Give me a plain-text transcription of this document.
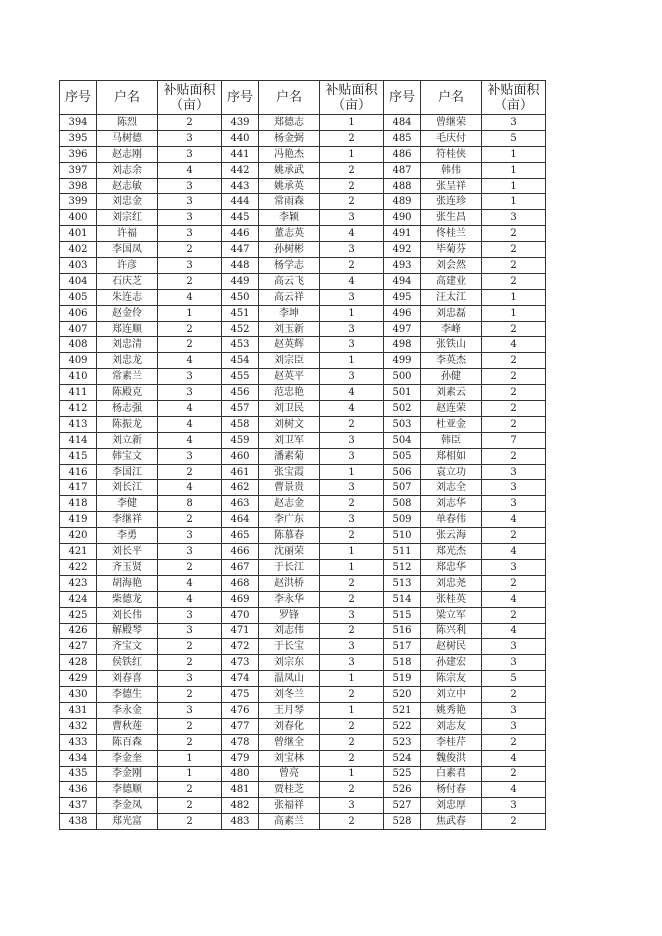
序号	户名	补贴面积（亩）	序号	户名	补贴面积（亩）	序号	户名	补贴面积（亩）
394	陈烈	2	439	郑德志	1	484	曾继荣	3
395	马树德	3	440	杨金弼	2	485	毛庆付	5
396	赵志刚	3	441	冯艳杰	1	486	符桂侠	1
397	刘志余	4	442	姚承武	2	487	韩伟	1
398	赵志敏	3	443	姚承英	2	488	张呈祥	1
399	刘忠金	3	444	常雨森	2	489	张连珍	1
400	刘宗红	3	445	李颖	3	490	张生昌	3
401	许福	3	446	董志英	4	491	佟桂兰	2
402	李国凤	2	447	孙树彬	3	492	毕菊芬	2
403	许彦	3	448	杨学志	2	493	刘会然	2
404	石庆芝	2	449	高云飞	4	494	高建业	2
405	朱连志	4	450	高云祥	3	495	汪太江	1
406	赵金伶	1	451	李坤	1	496	刘忠磊	1
407	郑连顺	2	452	刘玉新	3	497	李峰	2
408	刘忠清	2	453	赵英辉	3	498	张铁山	4
409	刘忠龙	4	454	刘宗臣	1	499	李英杰	2
410	常素兰	3	455	赵英平	3	500	孙健	2
411	陈殿克	3	456	范忠艳	4	501	刘素云	2
412	杨志强	4	457	刘卫民	4	502	赵连荣	2
413	陈振龙	4	458	刘树文	2	503	杜亚金	2
414	刘立新	4	459	刘卫军	3	504	韩臣	7
415	韩宝文	3	460	潘素菊	3	505	郑相如	2
416	李国江	2	461	张宝霞	1	506	袁立功	3
417	刘长江	4	462	曹景贵	3	507	刘志全	3
418	李健	8	463	赵志金	2	508	刘志华	3
419	李继祥	2	464	李广东	3	509	单春伟	4
420	李勇	3	465	陈慕春	2	510	张云海	2
421	刘长平	3	466	沈丽荣	1	511	郑光杰	4
422	齐玉贤	2	467	于长江	1	512	郑忠华	3
423	胡海艳	4	468	赵洪桥	2	513	刘忠尧	2
424	柴德龙	4	469	李永华	2	514	张桂英	4
425	刘长伟	3	470	罗锋	3	515	梁立军	2
426	解殿琴	3	471	刘志伟	2	516	陈兴利	4
427	齐宝文	2	472	于长宝	3	517	赵树民	3
428	侯铁红	2	473	刘宗东	3	518	孙建宏	3
429	刘春喜	3	474	温凤山	1	519	陈宗友	5
430	李德生	2	475	刘冬兰	2	520	刘立中	2
431	李永金	3	476	王月琴	1	521	姚秀艳	3
432	曹秋莲	2	477	刘春化	2	522	刘志友	3
433	陈百森	2	478	曾继全	2	523	李桂芹	2
434	李金奎	1	479	刘宝林	2	524	魏俊洪	4
435	李金刚	1	480	曾亮	1	525	白素君	2
436	李德顺	2	481	贾桂芝	2	526	杨付春	4
437	李金凤	2	482	张福祥	3	527	刘忠厚	3
438	郑光富	2	483	高素兰	2	528	焦武春	2
